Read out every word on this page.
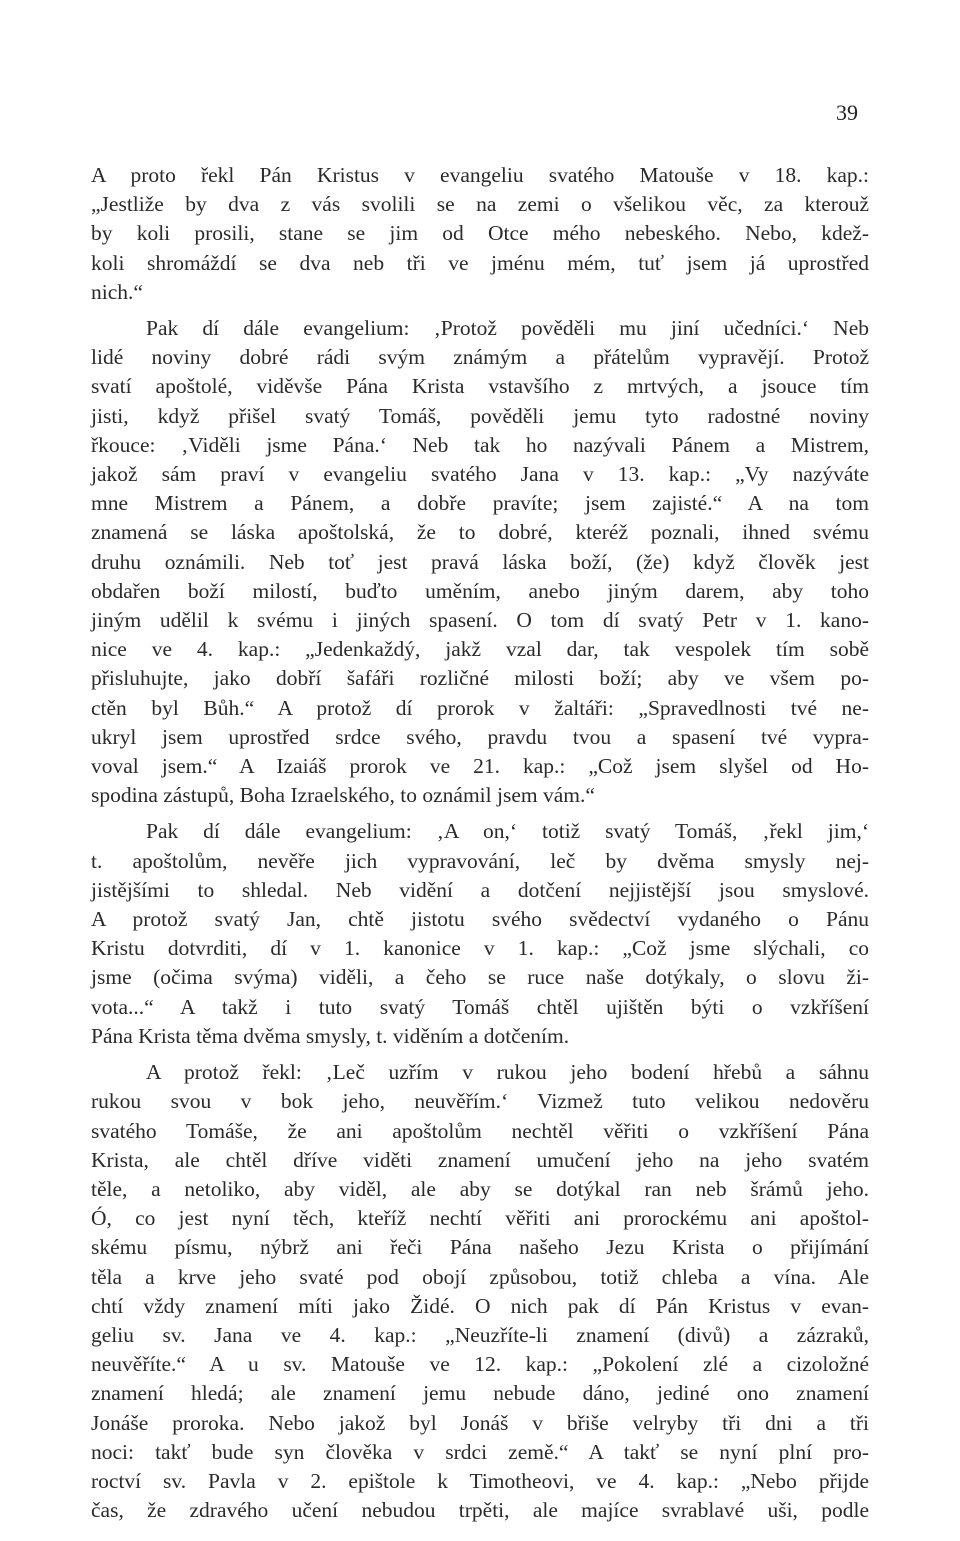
39
A proto řekl Pán Kristus v evangeliu svatého Matouše v 18. kap.:
„Jestliže by dva z vás svolili se na zemi o všelikou věc, za kterouž
by koli prosili, stane se jim od Otce mého nebeského. Nebo, kdež-
koli shromáždí se dva neb tři ve jménu mém, tuť jsem já uprostřed
nich.“
Pak dí dále evangelium: ‚Protož pověděli mu jiní učedníci.‘ Neb
lidé noviny dobré rádi svým známým a přátelům vypravějí. Protož
svatí apoštolé, viděvše Pána Krista vstavšího z mrtvých, a jsouce tím
jisti, když přišel svatý Tomáš, pověděli jemu tyto radostné noviny
řkouce: ‚Viděli jsme Pána.‘ Neb tak ho nazývali Pánem a Mistrem,
jakož sám praví v evangeliu svatého Jana v 13. kap.: „Vy nazýváte
mne Mistrem a Pánem, a dobře pravíte; jsem zajisté.“ A na tom
znamená se láska apoštolská, že to dobré, kteréž poznali, ihned svému
druhu oznámili. Neb toť jest pravá láska boží, (že) když člověk jest
obdařen boží milostí, buďto uměním, anebo jiným darem, aby toho
jiným udělil k svému i jiných spasení. O tom dí svatý Petr v 1. kano-
nice ve 4. kap.: „Jedenkaždý, jakž vzal dar, tak vespolek tím sobě
přisluhujte, jako dobří šafáři rozličné milosti boží; aby ve všem po-
ctěn byl Bůh.“ A protož dí prorok v žaltáři: „Spravedlnosti tvé ne-
ukryl jsem uprostřed srdce svého, pravdu tvou a spasení tvé vypra-
voval jsem.“ A Izaiáš prorok ve 21. kap.: „Což jsem slyšel od Ho-
spodina zástupů, Boha Izraelského, to oznámil jsem vám.“
Pak dí dále evangelium: ‚A on,‘ totiž svatý Tomáš, ‚řekl jim,‘
t. apoštolům, nevěře jich vypravování, leč by dvěma smysly nej-
jistějšími to shledal. Neb vidění a dotčení nejjistější jsou smyslové.
A protož svatý Jan, chtě jistotu svého svědectví vydaného o Pánu
Kristu dotvrditi, dí v 1. kanonice v 1. kap.: „Což jsme slýchali, co
jsme (očima svýma) viděli, a čeho se ruce naše dotýkaly, o slovu ži-
vota...“ A takž i tuto svatý Tomáš chtěl ujištěn býti o vzkříšení
Pána Krista těma dvěma smysly, t. viděním a dotčením.
A protož řekl: ‚Leč uzřím v rukou jeho bodení hřebů a sáhnu
rukou svou v bok jeho, neuvěřím.‘ Vizmež tuto velikou nedověru
svatého Tomáše, že ani apoštolům nechtěl věřiti o vzkříšení Pána
Krista, ale chtěl dříve viděti znamení umučení jeho na jeho svatém
těle, a netoliko, aby viděl, ale aby se dotýkal ran neb šrámů jeho.
Ó, co jest nyní těch, kteříž nechtí věřiti ani prorockému ani apoštol-
skému písmu, nýbrž ani řeči Pána našeho Jezu Krista o přijímání
těla a krve jeho svaté pod obojí způsobou, totiž chleba a vína. Ale
chtí vždy znamení míti jako Židé. O nich pak dí Pán Kristus v evan-
geliu sv. Jana ve 4. kap.: „Neuzříte-li znamení (divů) a zázraků,
neuvěříte.“ A u sv. Matouše ve 12. kap.: „Pokolení zlé a cizoložné
znamení hledá; ale znamení jemu nebude dáno, jediné ono znamení
Jonáše proroka. Nebo jakož byl Jonáš v břiše velryby tři dni a tři
noci: takť bude syn člověka v srdci země.“ A takť se nyní plní pro-
roctví sv. Pavla v 2. epištole k Timotheovi, ve 4. kap.: „Nebo přijde
čas, že zdravého učení nebudou trpěti, ale majíce svrablavé uši, podle
